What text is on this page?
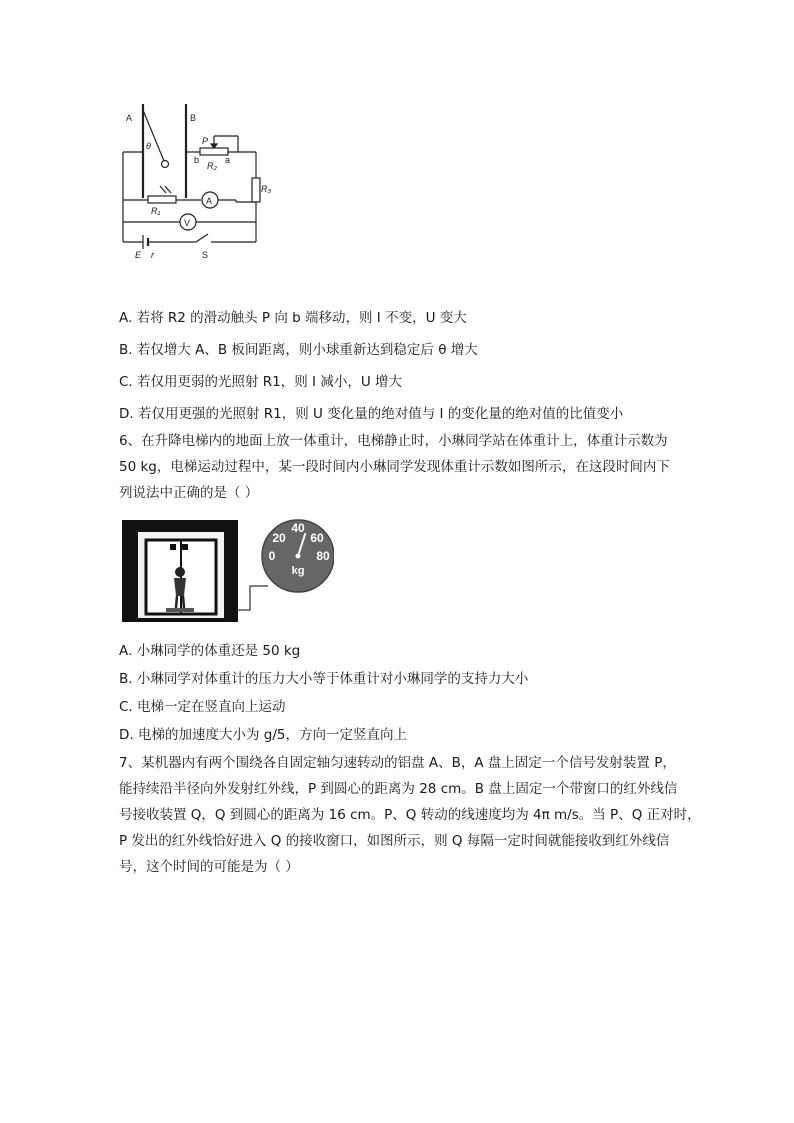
A	B
θ	P
b	a
R₂
R₃
R₁
A
V
E r	S
A. 若将 R2 的滑动触头 P 向 b 端移动，则 I 不变，U 变大
B. 若仅增大 A、B 板间距离，则小球重新达到稳定后 θ 增大
C. 若仅用更弱的光照射 R1，则 I 减小，U 增大
D. 若仅用更强的光照射 R1，则 U 变化量的绝对值与 I 的变化量的绝对值的比值变小
6、在升降电梯内的地面上放一体重计，电梯静止时，小琳同学站在体重计上，体重计示数为
50 kg，电梯运动过程中，某一段时间内小琳同学发现体重计示数如图所示，在这段时间内下
列说法中正确的是（ ）
0
20
40
60
80
kg
A. 小琳同学的体重还是 50 kg
B. 小琳同学对体重计的压力大小等于体重计对小琳同学的支持力大小
C. 电梯一定在竖直向上运动
D. 电梯的加速度大小为 g/5，方向一定竖直向上
7、某机器内有两个围绕各自固定轴匀速转动的铝盘 A、B，A 盘上固定一个信号发射装置 P，
能持续沿半径向外发射红外线，P 到圆心的距离为 28 cm。B 盘上固定一个带窗口的红外线信
号接收装置 Q，Q 到圆心的距离为 16 cm。P、Q 转动的线速度均为 4π m/s。当 P、Q 正对时，
P 发出的红外线恰好进入 Q 的接收窗口，如图所示，则 Q 每隔一定时间就能接收到红外线信
号，这个时间的可能是为（ ）
